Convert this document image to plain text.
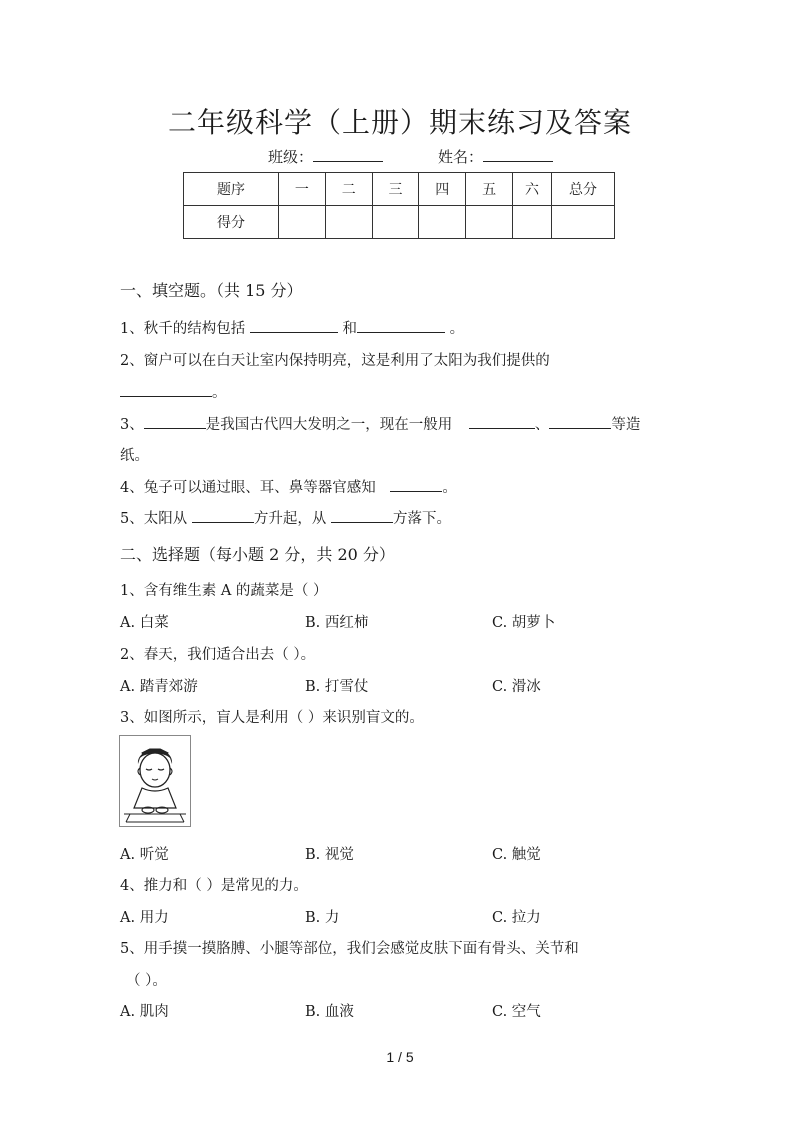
二年级科学（上册）期末练习及答案
班级：	姓名：
题序	一	二	三	四	五	六	总分
得分							
一、填空题。（共 15 分）
1、秋千的结构包括	和	。
2、窗户可以在白天让室内保持明亮，这是利用了太阳为我们提供的
。
3、	是我国古代四大发明之一，现在一般用	、	等造
纸。
4、兔子可以通过眼、耳、鼻等器官感知	。
5、太阳从	方升起，从	方落下。
二、选择题（每小题 2 分，共 20 分）
1、含有维生素 A 的蔬菜是（ ）
A. 白菜	B. 西红柿	C. 胡萝卜
2、春天，我们适合出去（ ）。
A. 踏青郊游	B. 打雪仗	C. 滑冰
3、如图所示，盲人是利用（ ）来识别盲文的。
A. 听觉	B. 视觉	C. 触觉
4、推力和（ ）是常见的力。
A. 用力	B. 力	C. 拉力
5、用手摸一摸胳膊、小腿等部位，我们会感觉皮肤下面有骨头、关节和
（ ）。
A. 肌肉	B. 血液	C. 空气
1 / 5
